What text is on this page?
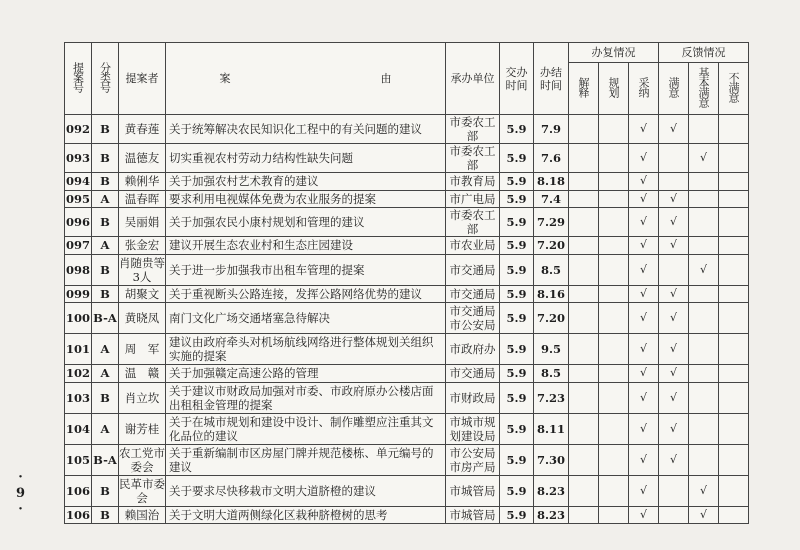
·9·
提案号	分类号	提案者	案 由	承办单位	交办时间	办结时间	办复情况			反馈情况		
							解释	规划	采纳	满意	基本满意	不满意
092	B	黄春莲	关于统筹解决农民知识化工程中的有关问题的建议	市委农工部	5.9	7.9			√	√		
093	B	温德友	切实重视农村劳动力结构性缺失问题	市委农工部	5.9	7.6			√		√	
094	B	赖俐华	关于加强农村艺术教育的建议	市教育局	5.9	8.18			√			
095	A	温春晖	要求利用电视媒体免费为农业服务的提案	市广电局	5.9	7.4			√	√		
096	B	吴丽娟	关于加强农民小康村规划和管理的建议	市委农工部	5.9	7.29			√	√		
097	A	张金宏	建议开展生态农业村和生态庄园建设	市农业局	5.9	7.20			√	√		
098	B	肖随贵等3人	关于进一步加强我市出租车管理的提案	市交通局	5.9	8.5			√		√	
099	B	胡聚文	关于重视断头公路连接，发挥公路网络优势的建议	市交通局	5.9	8.16			√	√		
100	B-A	黄晓凤	南门文化广场交通堵塞急待解决	市交通局 市公安局	5.9	7.20			√	√		
101	A	周　军	建议由政府牵头对机场航线网络进行整体规划关组织实施的提案	市政府办	5.9	9.5			√	√		
102	A	温　赣	关于加强赣定高速公路的管理	市交通局	5.9	8.5			√	√		
103	B	肖立坎	关于建议市财政局加强对市委、市政府原办公楼店面出租租金管理的提案	市财政局	5.9	7.23			√	√		
104	A	谢芳桂	关于在城市规划和建设中设计、制作雕塑应注重其文化品位的建议	市城市规划建设局	5.9	8.11			√	√		
105	B-A	农工党市委会	关于重新编制市区房屋门牌并规范楼栋、单元编号的建议	市公安局 市房产局	5.9	7.30			√	√		
106	B	民革市委会	关于要求尽快移栽市文明大道脐橙的建议	市城管局	5.9	8.23			√		√	
106	B	赖国治	关于文明大道两侧绿化区栽种脐橙树的思考	市城管局	5.9	8.23			√		√	
